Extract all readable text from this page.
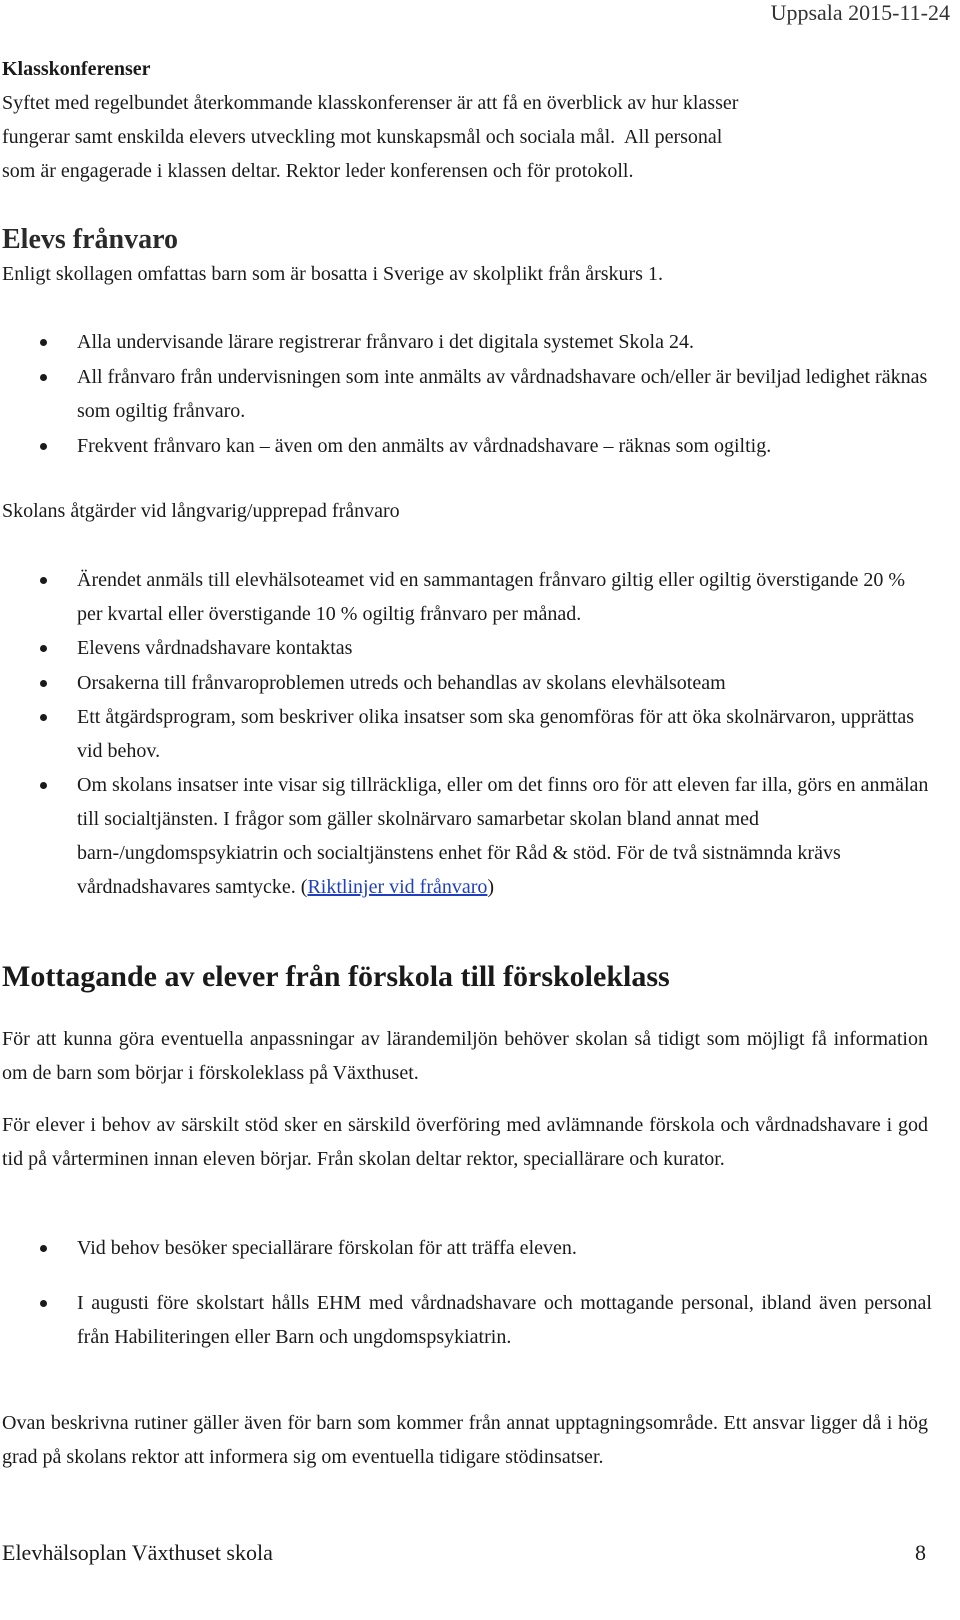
Uppsala 2015-11-24
Klasskonferenser
Syftet med regelbundet återkommande klasskonferenser är att få en överblick av hur klasser
fungerar samt enskilda elevers utveckling mot kunskapsmål och sociala mål.  All personal
som är engagerade i klassen deltar. Rektor leder konferensen och för protokoll.
Elevs frånvaro
Enligt skollagen omfattas barn som är bosatta i Sverige av skolplikt från årskurs 1.
Alla undervisande lärare registrerar frånvaro i det digitala systemet Skola 24.
All frånvaro från undervisningen som inte anmälts av vårdnadshavare och/eller är beviljad ledighet räknas som ogiltig frånvaro.
Frekvent frånvaro kan – även om den anmälts av vårdnadshavare – räknas som ogiltig.
Skolans åtgärder vid långvarig/upprepad frånvaro
Ärendet anmäls till elevhälsoteamet vid en sammantagen frånvaro giltig eller ogiltig överstigande 20 % per kvartal eller överstigande 10 % ogiltig frånvaro per månad.
Elevens vårdnadshavare kontaktas
Orsakerna till frånvaroproblemen utreds och behandlas av skolans elevhälsoteam
Ett åtgärdsprogram, som beskriver olika insatser som ska genomföras för att öka skolnärvaron, upprättas vid behov.
Om skolans insatser inte visar sig tillräckliga, eller om det finns oro för att eleven far illa, görs en anmälan till socialtjänsten. I frågor som gäller skolnärvaro samarbetar skolan bland annat med barn-/ungdomspsykiatrin och socialtjänstens enhet för Råd & stöd. För de två sistnämnda krävs vårdnadshavares samtycke. (Riktlinjer vid frånvaro)
Mottagande av elever från förskola till förskoleklass
För att kunna göra eventuella anpassningar av lärandemiljön behöver skolan så tidigt som möjligt få information om de barn som börjar i förskoleklass på Växthuset.
För elever i behov av särskilt stöd sker en särskild överföring med avlämnande förskola och vårdnadshavare i god tid på vårterminen innan eleven börjar. Från skolan deltar rektor, speciallärare och kurator.
Vid behov besöker speciallärare förskolan för att träffa eleven.
I augusti före skolstart hålls EHM med vårdnadshavare och mottagande personal, ibland även personal från Habiliteringen eller Barn och ungdomspsykiatrin.
Ovan beskrivna rutiner gäller även för barn som kommer från annat upptagningsområde. Ett ansvar ligger då i hög grad på skolans rektor att informera sig om eventuella tidigare stödinsatser.
Elevhälsoplan Växthuset skola	8
